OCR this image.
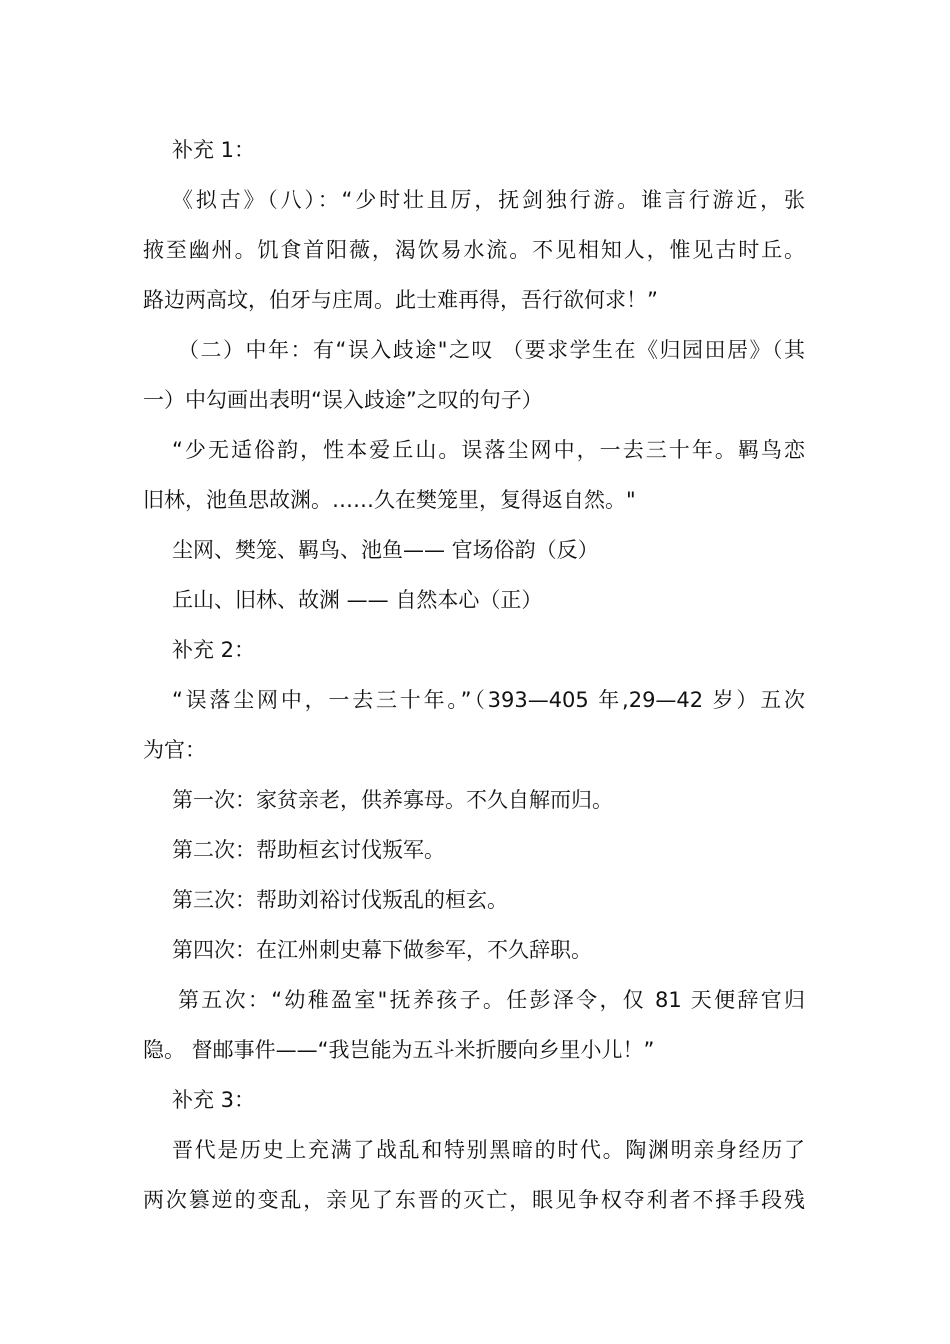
补充 1：

《拟古》（八）：“少时壮且厉，抚剑独行游。谁言行游近，张

掖至幽州。饥食首阳薇，渴饮易水流。不见相知人，惟见古时丘。

路边两高坟，伯牙与庄周。此士难再得，吾行欲何求！”

（二）中年：有“误入歧途"之叹 （要求学生在《归园田居》（其

一）中勾画出表明“误入歧途”之叹的句子）

“少无适俗韵，性本爱丘山。误落尘网中，一去三十年。羁鸟恋

旧林，池鱼思故渊。……久在樊笼里，复得返自然。"

尘网、樊笼、羁鸟、池鱼—— 官场俗韵（反）

丘山、旧林、故渊 —— 自然本心（正）

补充 2：

“误落尘网中，一去三十年。”（393—405 年,29—42 岁）五次

为官：

第一次：家贫亲老，供养寡母。不久自解而归。

第二次：帮助桓玄讨伐叛军。

第三次：帮助刘裕讨伐叛乱的桓玄。

第四次：在江州刺史幕下做参军，不久辞职。

第五次：“幼稚盈室"抚养孩子。任彭泽令，仅 81 天便辞官归

隐。 督邮事件——“我岂能为五斗米折腰向乡里小儿！”

补充 3：

晋代是历史上充满了战乱和特别黑暗的时代。陶渊明亲身经历了

两次篡逆的变乱，亲见了东晋的灭亡，眼见争权夺利者不择手段残
